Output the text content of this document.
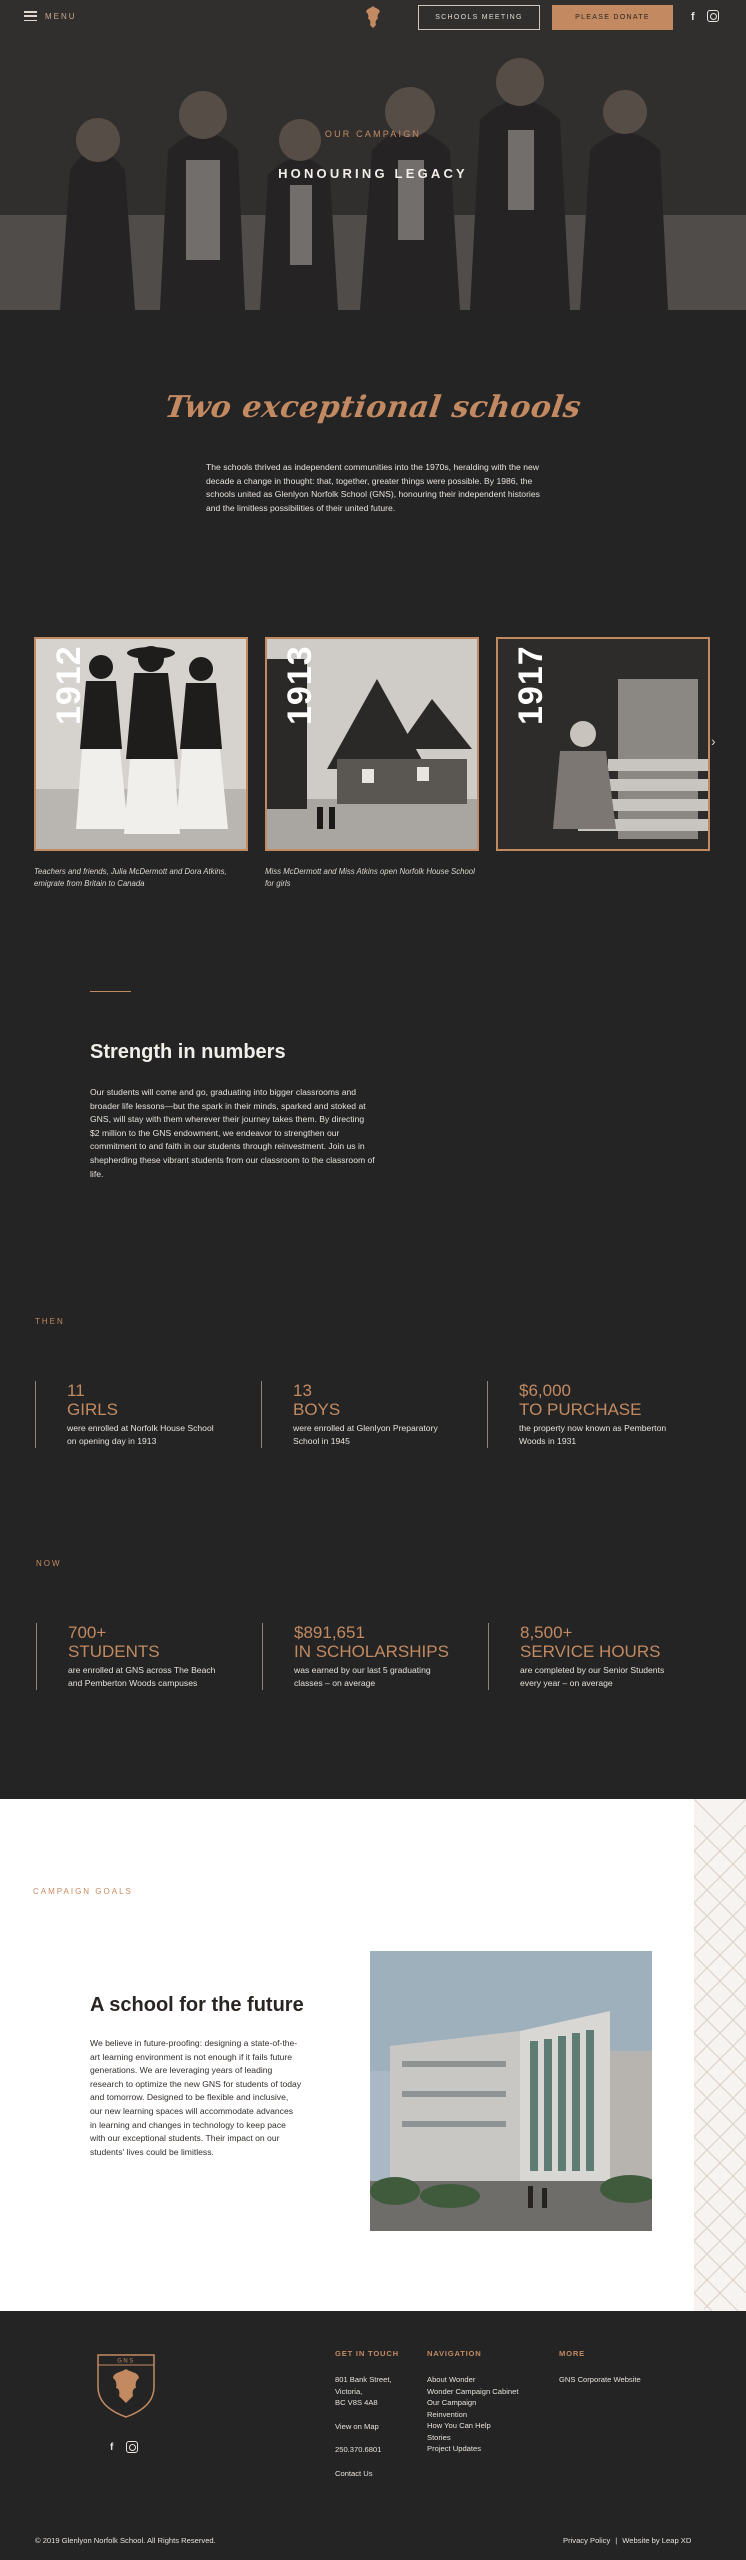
MENU	SCHOOLS MEETING	PLEASE DONATE	f
OUR CAMPAIGN
HONOURING LEGACY
Two exceptional schools

The schools thrived as independent communities into the 1970s, heralding with the new decade a change in thought: that, together, greater things were possible. By 1986, the schools united as Glenlyon Norfolk School (GNS), honouring their independent histories and the limitless possibilities of their united future.

1912	1913	1917
›

Teachers and friends, Julia McDermott and Dora Atkins, emigrate from Britain to Canada

Miss McDermott and Miss Atkins open Norfolk House School for girls

Strength in numbers

Our students will come and go, graduating into bigger classrooms and broader life lessons—but the spark in their minds, sparked and stoked at GNS, will stay with them wherever their journey takes them. By directing $2 million to the GNS endowment, we endeavor to strengthen our commitment to and faith in our students through reinvestment. Join us in shepherding these vibrant students from our classroom to the classroom of life.

THEN
11
GIRLS
were enrolled at Norfolk House School on opening day in 1913
13
BOYS
were enrolled at Glenlyon Preparatory School in 1945
$6,000
TO PURCHASE
the property now known as Pemberton Woods in 1931
NOW
700+
STUDENTS
are enrolled at GNS across The Beach and Pemberton Woods campuses
$891,651
IN SCHOLARSHIPS
was earned by our last 5 graduating classes – on average
8,500+
SERVICE HOURS
are completed by our Senior Students every year – on average
CAMPAIGN GOALS
A school for the future

We believe in future-proofing: designing a state-of-the-art learning environment is not enough if it fails future generations. We are leveraging years of leading research to optimize the new GNS for students of today and tomorrow. Designed to be flexible and inclusive, our new learning spaces will accommodate advances in learning and changes in technology to keep pace with our exceptional students. Their impact on our students' lives could be limitless.

GNS
f
GET IN TOUCH
801 Bank Street,
Victoria,
BC V8S 4A8
View on Map
250.370.6801
Contact Us
NAVIGATION
About Wonder
Wonder Campaign Cabinet
Our Campaign
Reinvention
How You Can Help
Stories
Project Updates
MORE
GNS Corporate Website
© 2019 Glenlyon Norfolk School. All Rights Reserved.	Privacy Policy | Website by Leap XD
